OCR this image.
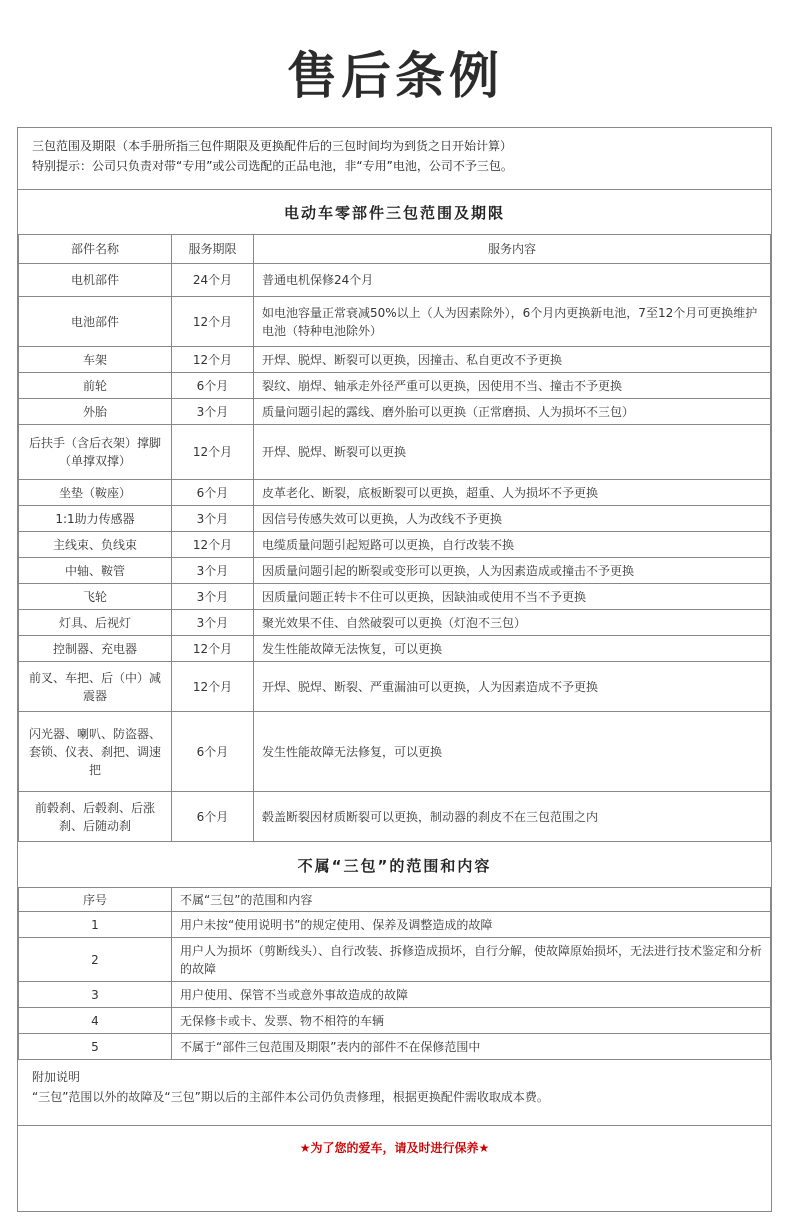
售后条例
三包范围及期限（本手册所指三包件期限及更换配件后的三包时间均为到货之日开始计算）
特别提示：公司只负责对带“专用”或公司选配的正品电池，非“专用”电池，公司不予三包。
电动车零部件三包范围及期限
部件名称	服务期限	服务内容
电机部件	24个月	普通电机保修24个月
电池部件	12个月	如电池容量正常衰减50%以上（人为因素除外），6个月内更换新电池，7至12个月可更换维护电池（特种电池除外）
车架	12个月	开焊、脱焊、断裂可以更换，因撞击、私自更改不予更换
前轮	6个月	裂纹、崩焊、轴承走外径严重可以更换，因使用不当、撞击不予更换
外胎	3个月	质量问题引起的露线、磨外胎可以更换（正常磨损、人为损坏不三包）
后扶手（含后衣架）撑脚（单撑双撑）	12个月	开焊、脱焊、断裂可以更换
坐垫（鞍座）	6个月	皮革老化、断裂，底板断裂可以更换，超重、人为损坏不予更换
1:1助力传感器	3个月	因信号传感失效可以更换，人为改线不予更换
主线束、负线束	12个月	电缆质量问题引起短路可以更换，自行改装不换
中轴、鞍管	3个月	因质量问题引起的断裂或变形可以更换，人为因素造成或撞击不予更换
飞轮	3个月	因质量问题正转卡不住可以更换，因缺油或使用不当不予更换
灯具、后视灯	3个月	聚光效果不佳、自然破裂可以更换（灯泡不三包）
控制器、充电器	12个月	发生性能故障无法恢复，可以更换
前叉、车把、后（中）减震器	12个月	开焊、脱焊、断裂、严重漏油可以更换，人为因素造成不予更换
闪光器、喇叭、防盗器、套锁、仪表、刹把、调速把	6个月	发生性能故障无法修复，可以更换
前毂刹、后毂刹、后涨刹、后随动刹	6个月	毂盖断裂因材质断裂可以更换，制动器的刹皮不在三包范围之内
不属“三包”的范围和内容
序号	不属“三包”的范围和内容
1	用户未按“使用说明书”的规定使用、保养及调整造成的故障
2	用户人为损坏（剪断线头）、自行改装、拆修造成损坏，自行分解，使故障原始损坏，无法进行技术鉴定和分析的故障
3	用户使用、保管不当或意外事故造成的故障
4	无保修卡或卡、发票、物不相符的车辆
5	不属于“部件三包范围及期限”表内的部件不在保修范围中
附加说明
“三包”范围以外的故障及“三包”期以后的主部件本公司仍负责修理，根据更换配件需收取成本费。
★为了您的爱车，请及时进行保养★
